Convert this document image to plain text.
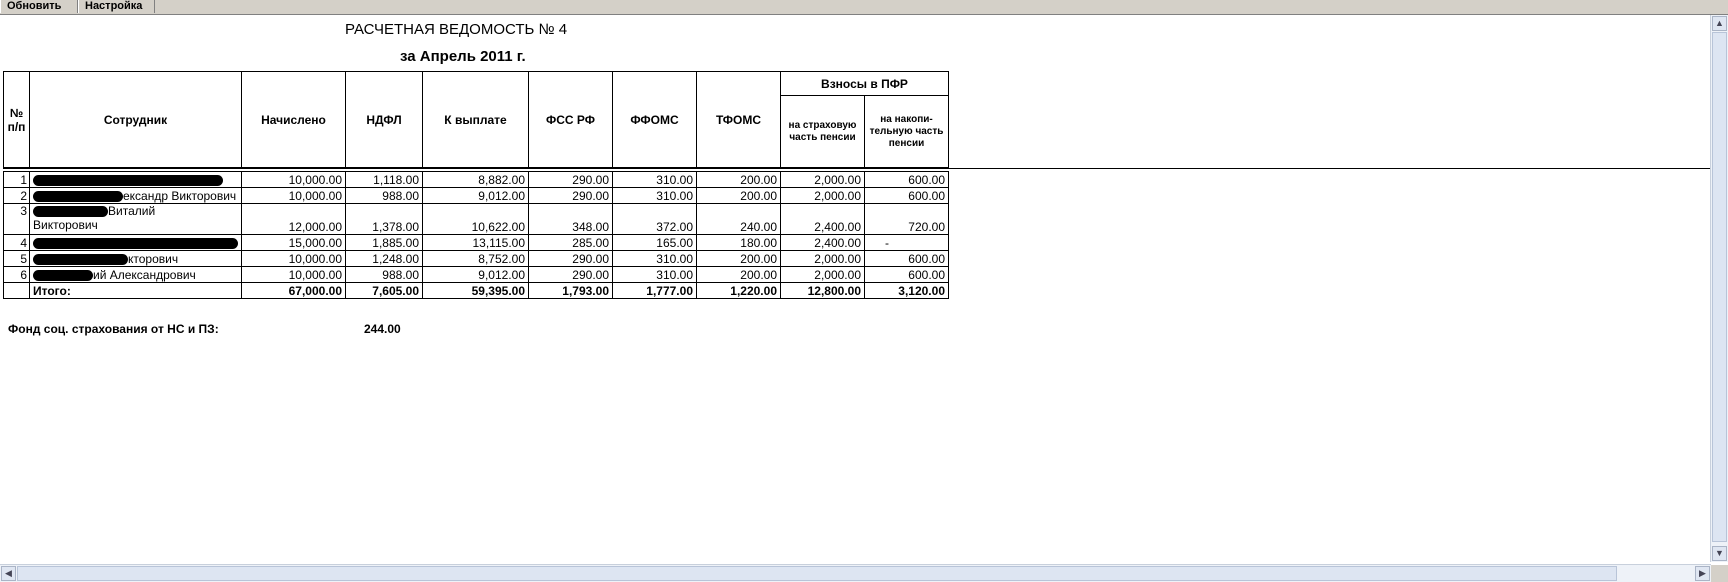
Обновить	Настройка
РАСЧЕТНАЯ ВЕДОМОСТЬ № 4
за Апрель 2011 г.
№ п/п	Сотрудник	Начислено	НДФЛ	К выплате	ФСС РФ	ФФОМС	ТФОМС	Взносы в ПФР	
								на страховую часть пенсии	на накопи-тельную часть пенсии

1		10,000.00	1,118.00	8,882.00	290.00	310.00	200.00	2,000.00	600.00
2	ександр Викторович	10,000.00	988.00	9,012.00	290.00	310.00	200.00	2,000.00	600.00
3	Виталий
Викторович	12,000.00	1,378.00	10,622.00	348.00	372.00	240.00	2,400.00	720.00
4		15,000.00	1,885.00	13,115.00	285.00	165.00	180.00	2,400.00	-
5	кторович	10,000.00	1,248.00	8,752.00	290.00	310.00	200.00	2,000.00	600.00
6	ий Александрович	10,000.00	988.00	9,012.00	290.00	310.00	200.00	2,000.00	600.00
	Итого:	67,000.00	7,605.00	59,395.00	1,793.00	1,777.00	1,220.00	12,800.00	3,120.00
Фонд соц. страхования от НС и ПЗ:	244.00
▲
▼
◀	▶
